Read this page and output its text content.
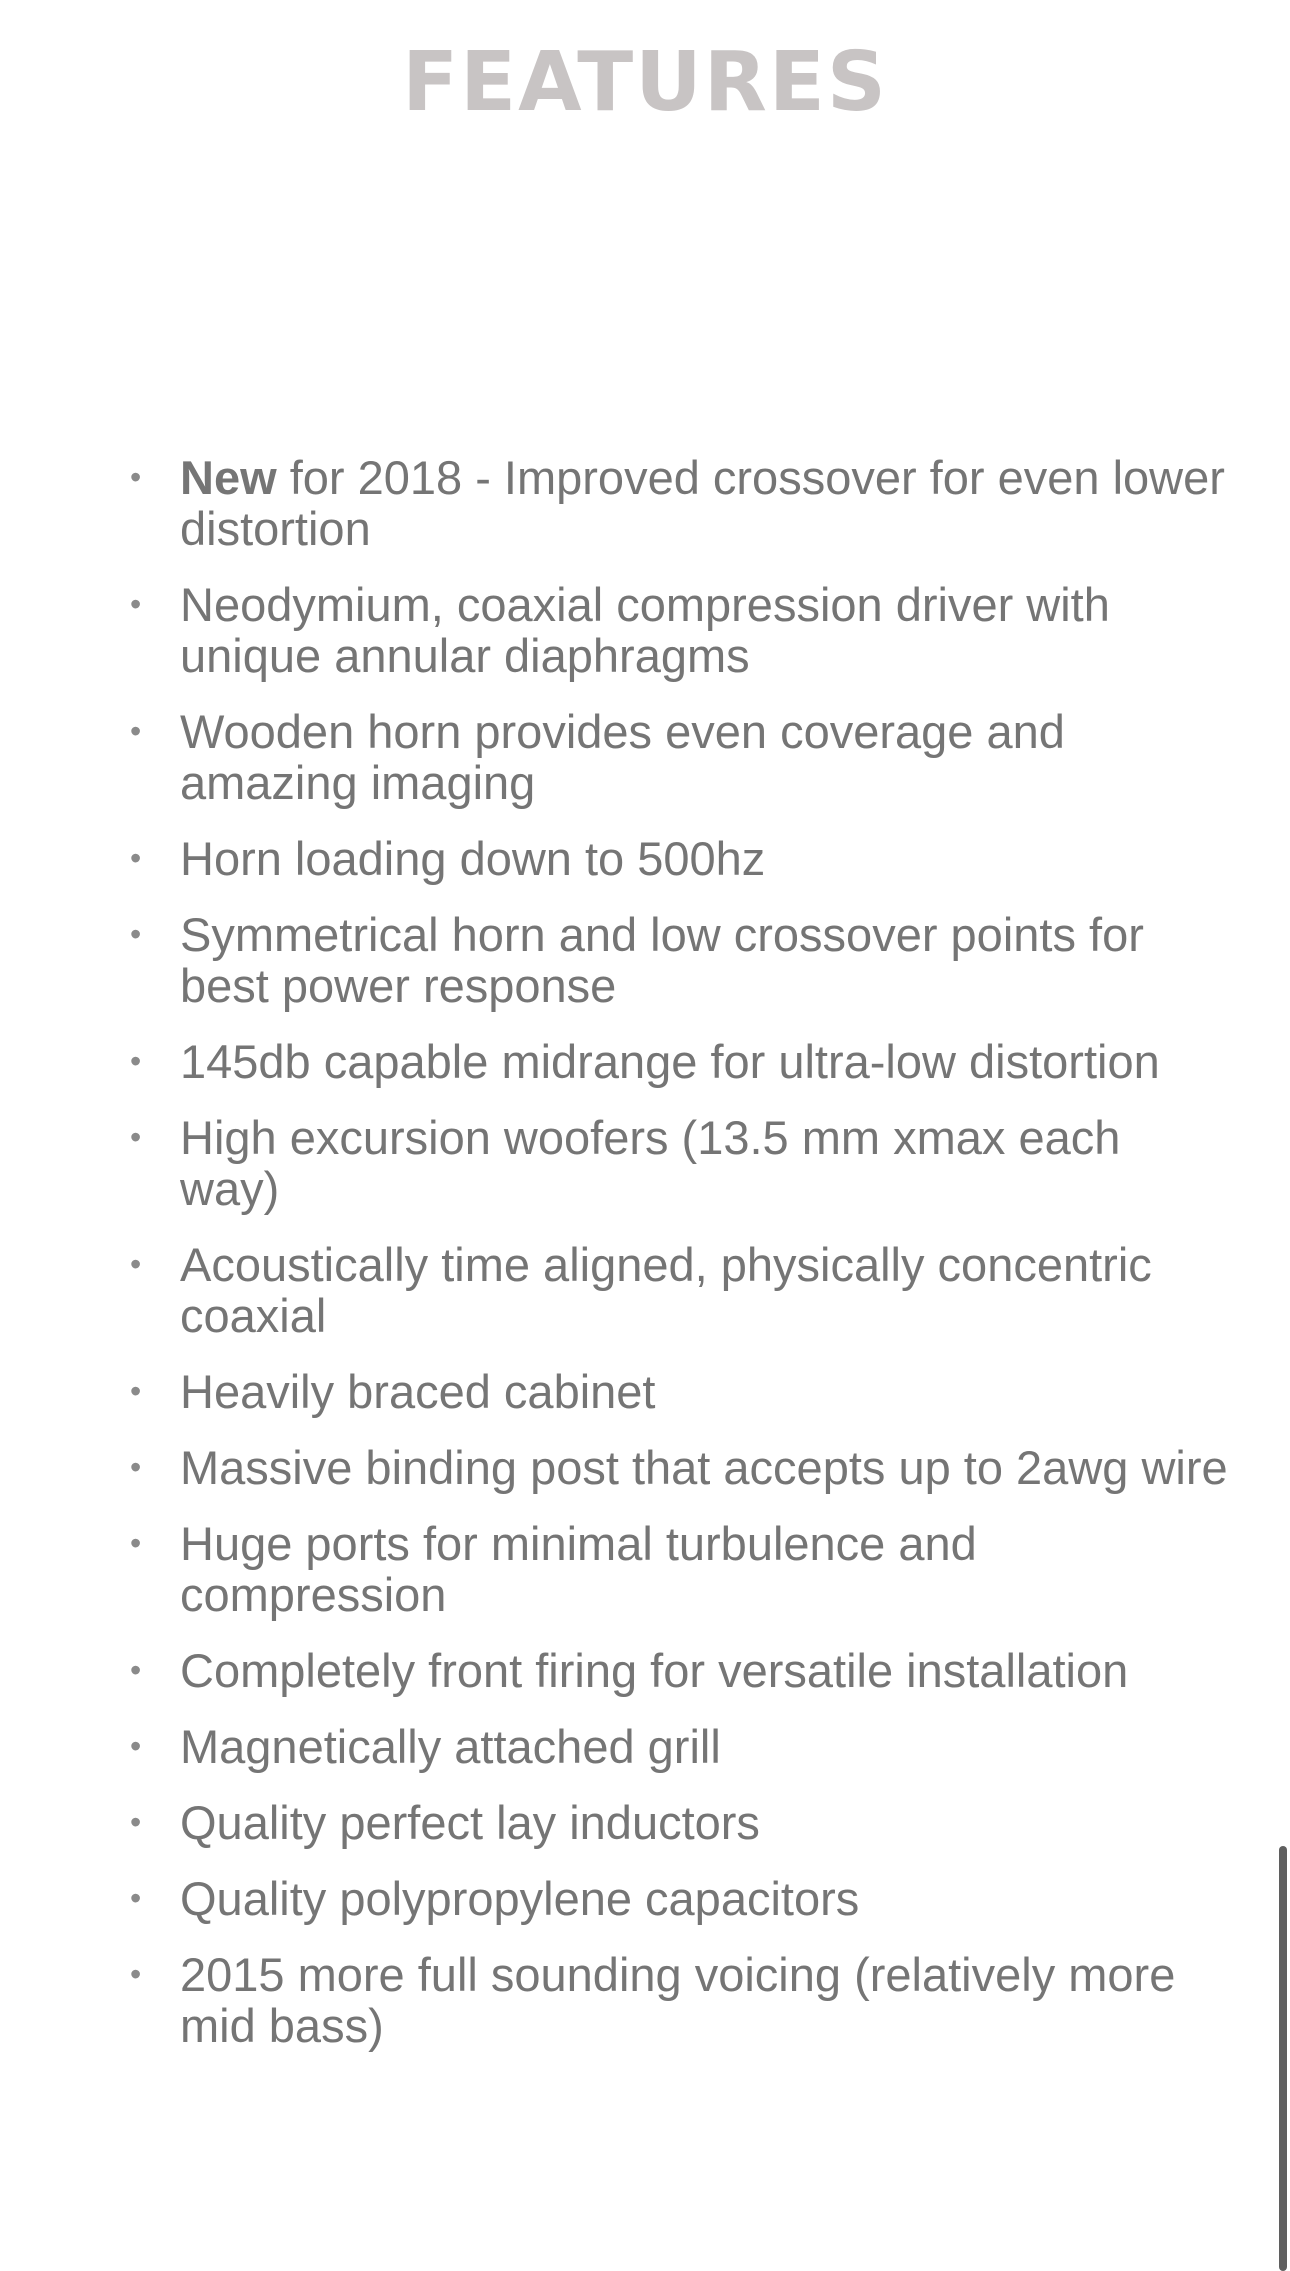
FEATURES
• New for 2018 - Improved crossover for even lower distortion
• Neodymium, coaxial compression driver with unique annular diaphragms
• Wooden horn provides even coverage and amazing imaging
• Horn loading down to 500hz
• Symmetrical horn and low crossover points for best power response
• 145db capable midrange for ultra-low distortion
• High excursion woofers (13.5 mm xmax each way)
• Acoustically time aligned, physically concentric coaxial
• Heavily braced cabinet
• Massive binding post that accepts up to 2awg wire
• Huge ports for minimal turbulence and compression
• Completely front firing for versatile installation
• Magnetically attached grill
• Quality perfect lay inductors
• Quality polypropylene capacitors
• 2015 more full sounding voicing (relatively more mid bass)
